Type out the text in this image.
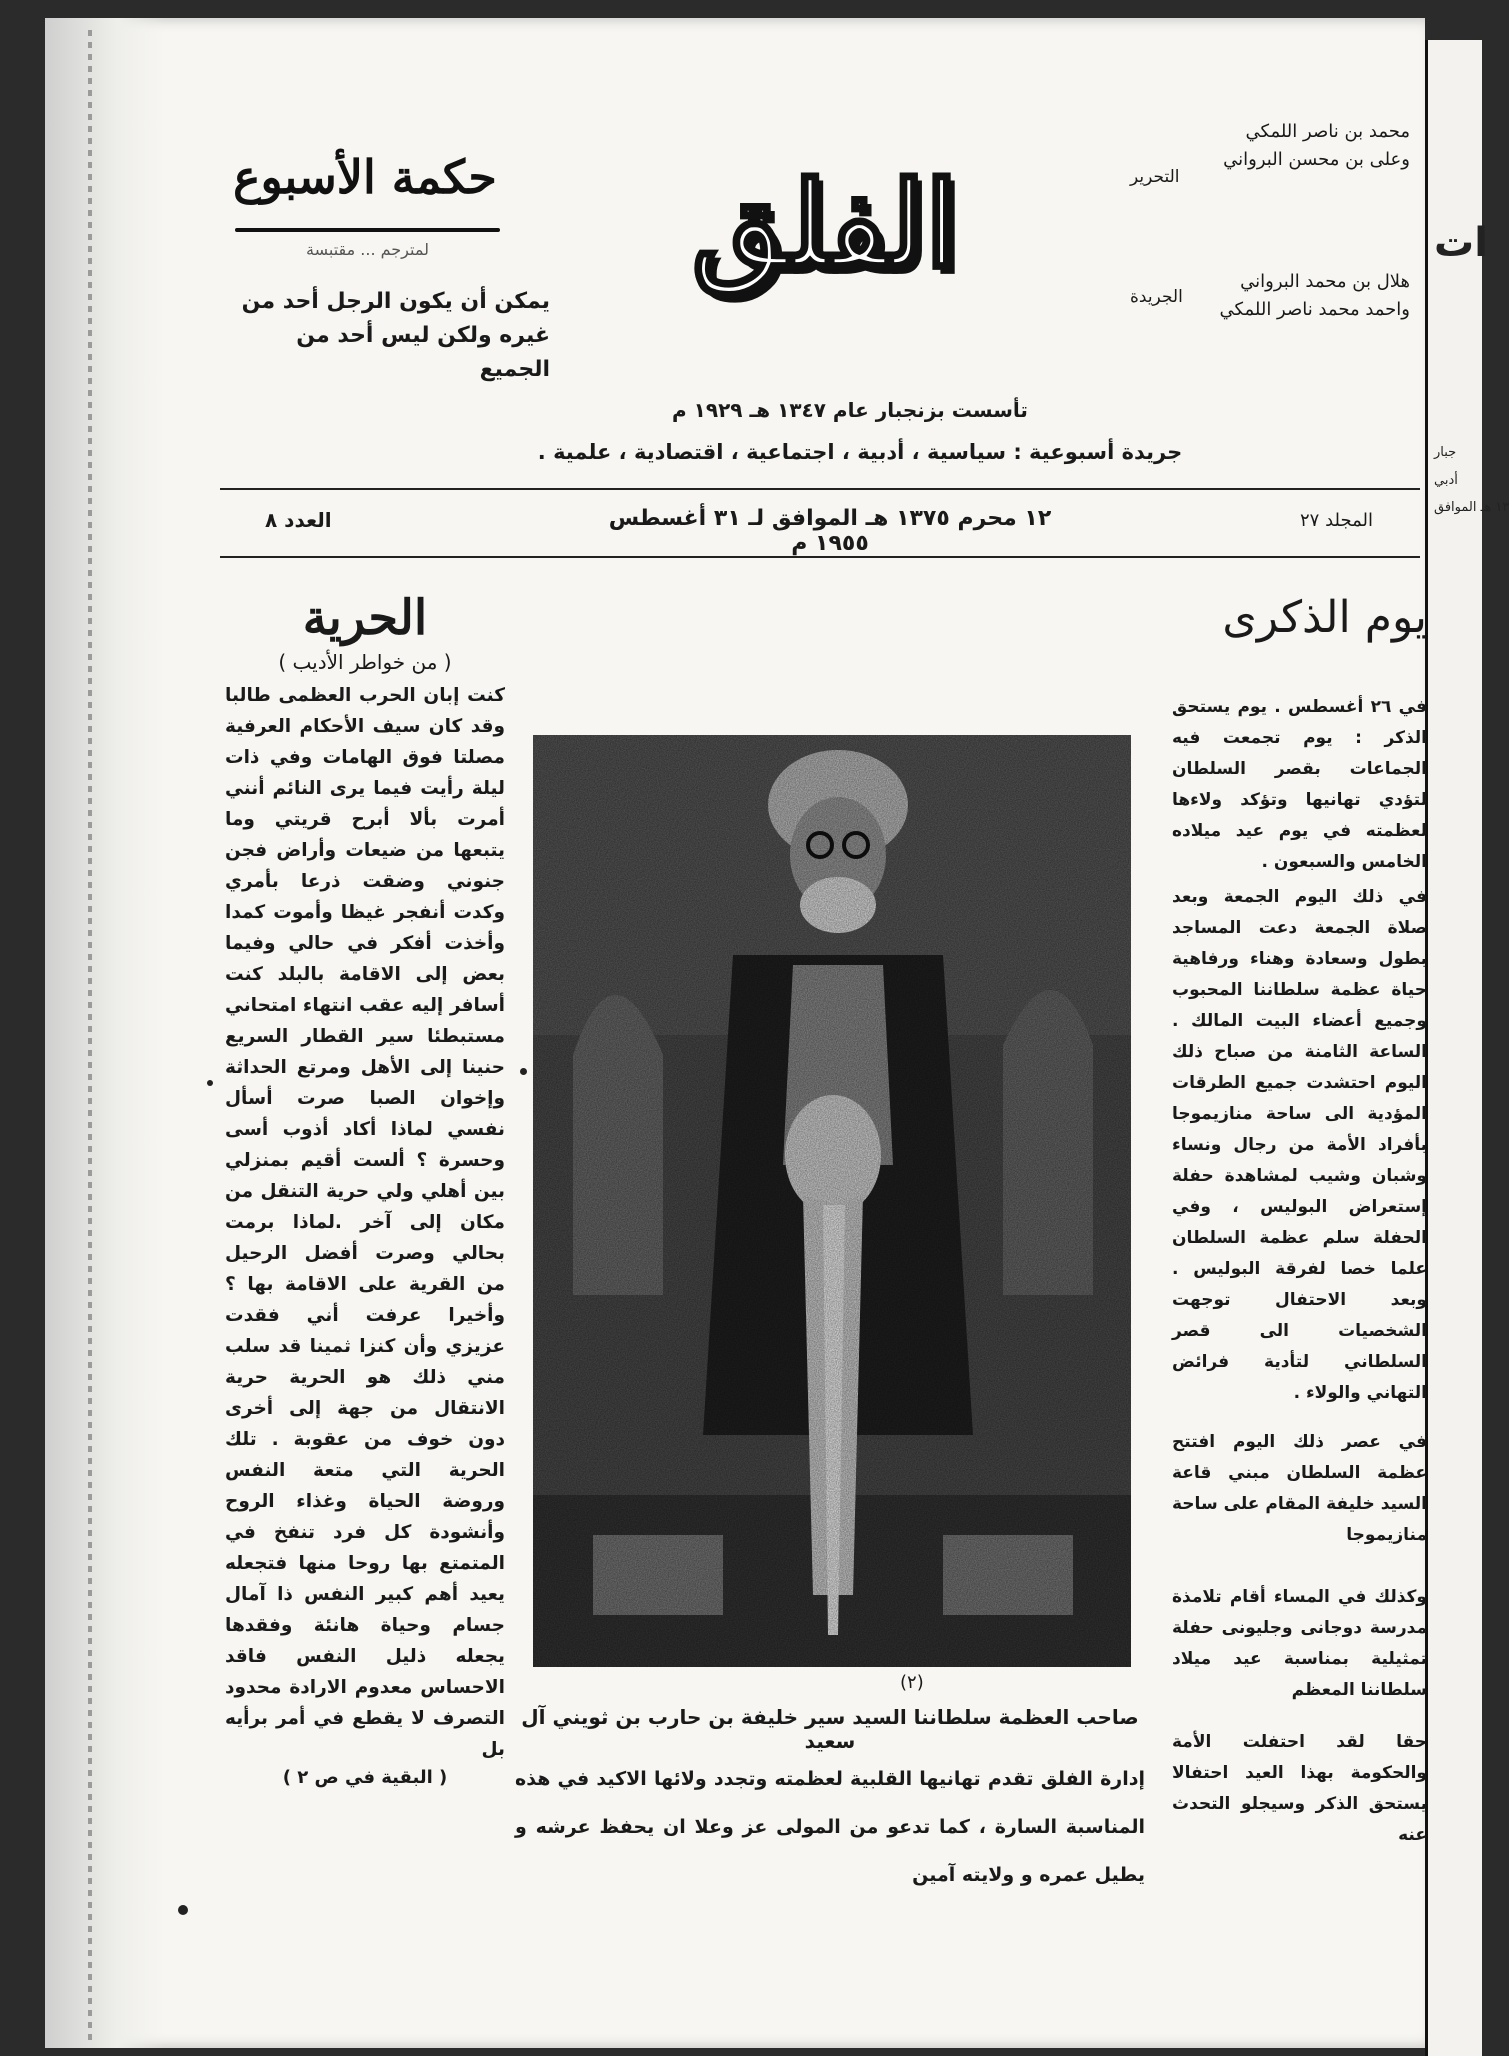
ات
جبار
أدبي
١٣ هـ الموافق
الفلق
حكمة الأسبوع
لمترجم ... مقتبسة
يمكن أن يكون الرجل أحد من غيره ولكن ليس أحد من الجميع
محمد بن ناصر اللمكي
وعلى بن محسن البرواني
التحرير
هلال بن محمد البرواني
واحمد محمد ناصر اللمكي
الجريدة
تأسست بزنجبار عام ١٣٤٧ هـ ١٩٢٩ م
جريدة أسبوعية : سياسية ، أدبية ، اجتماعية ، اقتصادية ، علمية .
العدد ٨	١٢ محرم ١٣٧٥ هـ الموافق لـ ٣١ أغسطس ١٩٥٥ م
المجلد ٢٧
الحرية
( من خواطر الأديب )

كنت إبان الحرب العظمى طالبا وقد كان سيف الأحكام العرفية مصلتا فوق الهامات وفي ذات ليلة رأيت فيما يرى النائم أنني أمرت بألا أبرح قريتي وما يتبعها من ضيعات وأراض فجن جنوني وضقت ذرعا بأمري وكدت أنفجر غيظا وأموت كمدا وأخذت أفكر في حالي وفيما بعض إلى الاقامة بالبلد كنت أسافر إليه عقب انتهاء امتحاني مستبطئا سير القطار السريع حنينا إلى الأهل ومرتع الحداثة وإخوان الصبا صرت أسأل نفسي لماذا أكاد أذوب أسى وحسرة ؟ ألست أقيم بمنزلي بين أهلي ولي حرية التنقل من مكان إلى آخر .لماذا برمت بحالي وصرت أفضل الرحيل من القرية على الاقامة بها ؟ وأخيرا عرفت أني فقدت عزيزي وأن كنزا ثمينا قد سلب مني ذلك هو الحرية حرية الانتقال من جهة إلى أخرى دون خوف من عقوبة . تلك الحرية التي متعة النفس وروضة الحياة وغذاء الروح وأنشودة كل فرد تنفخ في المتمتع بها روحا منها فتجعله يعيد أهم كبير النفس ذا آمال جسام وحياة هانئة وفقدها يجعله ذليل النفس فاقد الاحساس معدوم الارادة محدود التصرف لا يقطع في أمر برأيه بل

( البقية في ص ٢ )
(٢)
صاحب العظمة سلطاننا السيد سير خليفة بن حارب بن ثويني آل سعيد
إدارة الفلق تقدم تهانيها القلبية لعظمته وتجدد ولائها الاكيد في هذه المناسبة السارة ، كما تدعو من المولى عز وعلا ان يحفظ عرشه و يطيل عمره و ولايته آمين
يوم الذكرى

في ٢٦ أغسطس . يوم يستحق الذكر : يوم تجمعت فيه الجماعات بقصر السلطان لتؤدي تهانيها وتؤكد ولاءها لعظمته في يوم عيد ميلاده الخامس والسبعون .

في ذلك اليوم الجمعة وبعد صلاة الجمعة دعت المساجد بطول وسعادة وهناء ورفاهية حياة عظمة سلطاننا المحبوب وجميع أعضاء البيت المالك . الساعة الثامنة من صباح ذلك اليوم احتشدت جميع الطرقات المؤدية الى ساحة منازيموجا بأفراد الأمة من رجال ونساء وشبان وشيب لمشاهدة حفلة إستعراض البوليس ، وفي الحفلة سلم عظمة السلطان علما خصا لفرقة البوليس . وبعد الاحتفال توجهت الشخصيات الى قصر السلطاني لتأدية فرائض التهاني والولاء .

في عصر ذلك اليوم افتتح عظمة السلطان مبني قاعة السيد خليفة المقام على ساحة منازيموجا

وكذلك في المساء أقام تلامذة مدرسة دوجانى وجليونى حفلة تمثيلية بمناسبة عيد ميلاد سلطاننا المعظم

حقا لقد احتفلت الأمة والحكومة بهذا العيد احتفالا يستحق الذكر وسيجلو التحدث عنه
